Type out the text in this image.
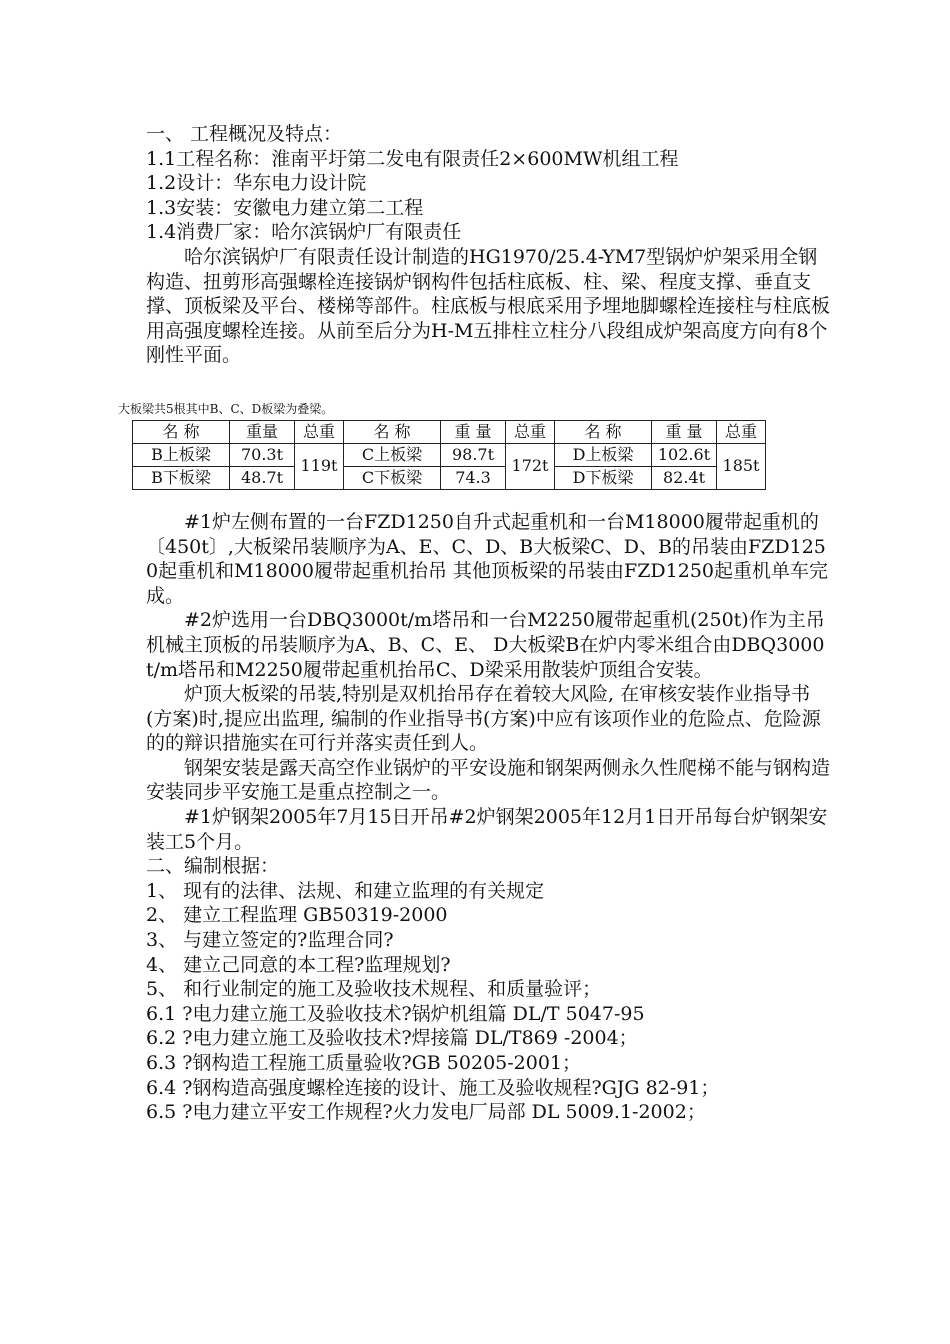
一、 工程概况及特点：
1.1工程名称：淮南平圩第二发电有限责任2×600MW机组工程
1.2设计：华东电力设计院
1.3安装：安徽电力建立第二工程
1.4消费厂家：哈尔滨锅炉厂有限责任
哈尔滨锅炉厂有限责任设计制造的HG1970/25.4-YM7型锅炉炉架采用全钢构造、扭剪形高强螺栓连接锅炉钢构件包括柱底板、柱、梁、程度支撑、垂直支撑、顶板梁及平台、楼梯等部件。柱底板与根底采用予埋地脚螺栓连接柱与柱底板用高强度螺栓连接。从前至后分为H-M五排柱立柱分八段组成炉架高度方向有8个刚性平面。
大板梁共5根其中B、C、D板梁为叠梁。
名 称	重量	总重	名 称	重 量	总重	名 称	重 量	总重
B上板梁	70.3t	119t	C上板梁	98.7t	172t	D上板梁	102.6t	185t
B下板梁	48.7t		C下板梁	74.3		D下板梁	82.4t	
#1炉左侧布置的一台FZD1250自升式起重机和一台M18000履带起重机的〔450t〕,大板梁吊装顺序为A、E、C、D、B大板梁C、D、B的吊装由FZD1250起重机和M18000履带起重机抬吊 其他顶板梁的吊装由FZD1250起重机单车完成。
#2炉选用一台DBQ3000t/m塔吊和一台M2250履带起重机(250t)作为主吊机械主顶板的吊装顺序为A、B、C、E、 D大板梁B在炉内零米组合由DBQ3000t/m塔吊和M2250履带起重机抬吊C、D梁采用散装炉顶组合安装。
炉顶大板梁的吊装,特别是双机抬吊存在着较大风险, 在审核安装作业指导书(方案)时,提应出监理, 编制的作业指导书(方案)中应有该项作业的危险点、危险源的的辩识措施实在可行并落实责任到人。
钢架安装是露天高空作业锅炉的平安设施和钢架两侧永久性爬梯不能与钢构造安装同步平安施工是重点控制之一。
#1炉钢架2005年7月15日开吊#2炉钢架2005年12月1日开吊每台炉钢架安装工5个月。
二、编制根据：
1、 现有的法律、法规、和建立监理的有关规定
2、 建立工程监理 GB50319-2000
3、 与建立签定的?监理合同?
4、 建立己同意的本工程?监理规划?
5、 和行业制定的施工及验收技术规程、和质量验评；
6.1 ?电力建立施工及验收技术?锅炉机组篇 DL/T 5047-95
6.2 ?电力建立施工及验收技术?焊接篇 DL/T869 -2004；
6.3 ?钢构造工程施工质量验收?GB 50205-2001；
6.4 ?钢构造高强度螺栓连接的设计、施工及验收规程?GJG 82-91；
6.5 ?电力建立平安工作规程?火力发电厂局部 DL 5009.1-2002；
